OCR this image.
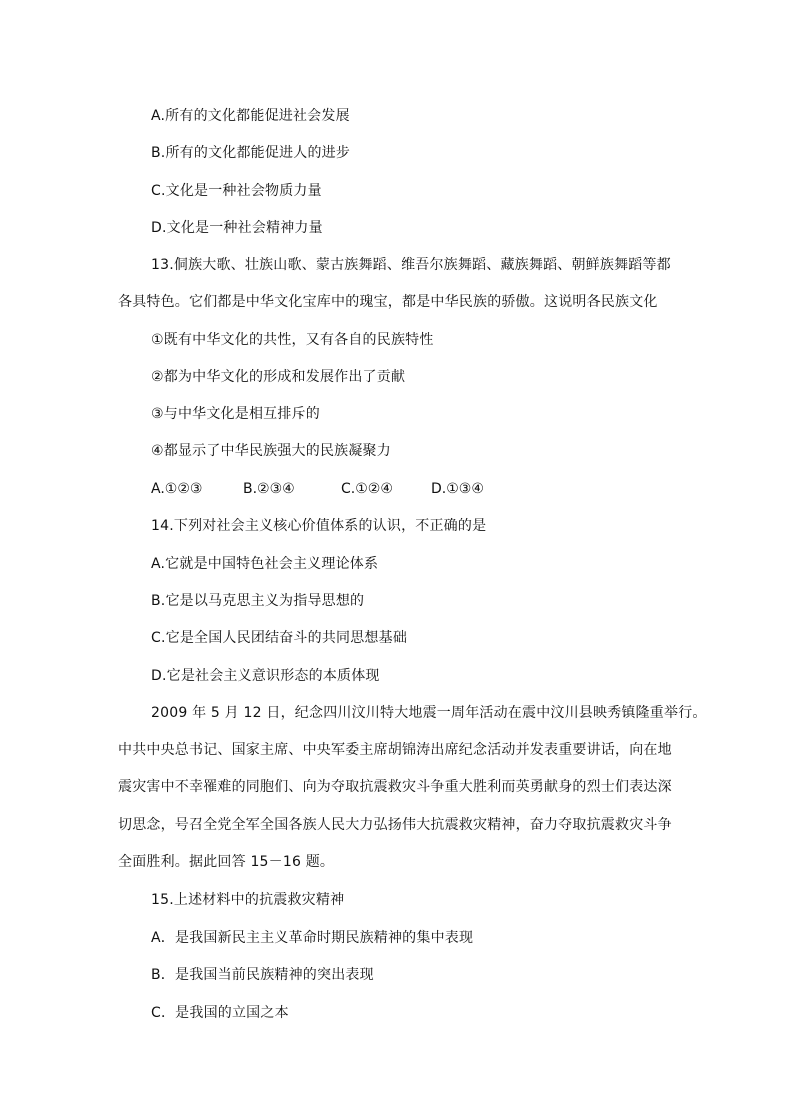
A.所有的文化都能促进社会发展
B.所有的文化都能促进人的进步
C.文化是一种社会物质力量
D.文化是一种社会精神力量
13.侗族大歌、壮族山歌、蒙古族舞蹈、维吾尔族舞蹈、藏族舞蹈、朝鲜族舞蹈等都
各具特色。它们都是中华文化宝库中的瑰宝，都是中华民族的骄傲。这说明各民族文化
①既有中华文化的共性，又有各自的民族特性
②都为中华文化的形成和发展作出了贡献
③与中华文化是相互排斥的
④都显示了中华民族强大的民族凝聚力
A.①②③	B.②③④	C.①②④	D.①③④
14.下列对社会主义核心价值体系的认识，不正确的是
A.它就是中国特色社会主义理论体系
B.它是以马克思主义为指导思想的
C.它是全国人民团结奋斗的共同思想基础
D.它是社会主义意识形态的本质体现
2009 年 5 月 12 日，纪念四川汶川特大地震一周年活动在震中汶川县映秀镇隆重举行。
中共中央总书记、国家主席、中央军委主席胡锦涛出席纪念活动并发表重要讲话，向在地
震灾害中不幸罹难的同胞们、向为夺取抗震救灾斗争重大胜利而英勇献身的烈士们表达深
切思念，号召全党全军全国各族人民大力弘扬伟大抗震救灾精神，奋力夺取抗震救灾斗争
全面胜利。据此回答 15－16 题。
15.上述材料中的抗震救灾精神
A．是我国新民主主义革命时期民族精神的集中表现
B．是我国当前民族精神的突出表现
C．是我国的立国之本
